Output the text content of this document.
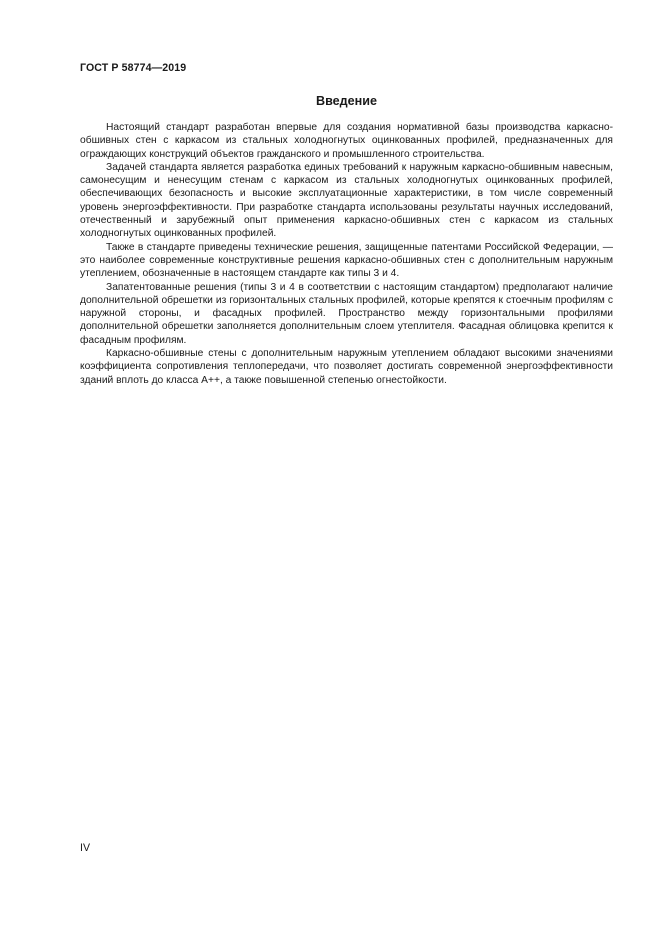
ГОСТ Р 58774—2019
Введение

Настоящий стандарт разработан впервые для создания нормативной базы производства каркасно-обшивных стен с каркасом из стальных холодногнутых оцинкованных профилей, предназначенных для ограждающих конструкций объектов гражданского и промышленного строительства.

Задачей стандарта является разработка единых требований к наружным каркасно-обшивным навесным, самонесущим и ненесущим стенам с каркасом из стальных холодногнутых оцинкованных профилей, обеспечивающих безопасность и высокие эксплуатационные характеристики, в том числе современный уровень энергоэффективности. При разработке стандарта использованы результаты научных исследований, отечественный и зарубежный опыт применения каркасно-обшивных стен с каркасом из стальных холодногнутых оцинкованных профилей.

Также в стандарте приведены технические решения, защищенные патентами Российской Федерации, — это наиболее современные конструктивные решения каркасно-обшивных стен с дополнительным наружным утеплением, обозначенные в настоящем стандарте как типы 3 и 4.

Запатентованные решения (типы 3 и 4 в соответствии с настоящим стандартом) предполагают наличие дополнительной обрешетки из горизонтальных стальных профилей, которые крепятся к стоечным профилям с наружной стороны, и фасадных профилей. Пространство между горизонтальными профилями дополнительной обрешетки заполняется дополнительным слоем утеплителя. Фасадная облицовка крепится к фасадным профилям.

Каркасно-обшивные стены с дополнительным наружным утеплением обладают высокими значениями коэффициента сопротивления теплопередачи, что позволяет достигать современной энергоэффективности зданий вплоть до класса А++, а также повышенной степенью огнестойкости.

IV
